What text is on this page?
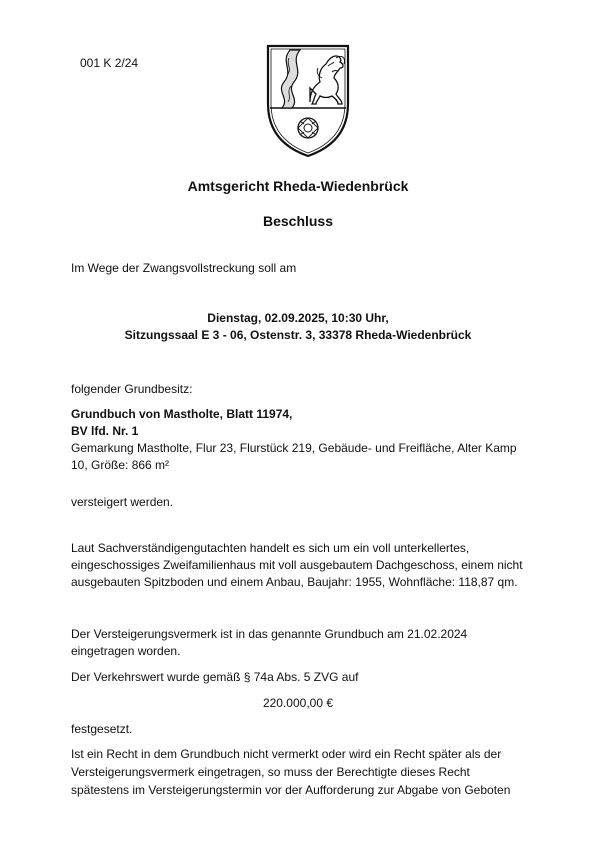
001 K 2/24
Amtsgericht Rheda-Wiedenbrück
Beschluss
Im Wege der Zwangsvollstreckung soll am
Dienstag, 02.09.2025, 10:30 Uhr,
Sitzungssaal E 3 - 06, Ostenstr. 3, 33378 Rheda-Wiedenbrück
folgender Grundbesitz:
Grundbuch von Mastholte, Blatt 11974,
BV lfd. Nr. 1
Gemarkung Mastholte, Flur 23, Flurstück 219, Gebäude- und Freifläche, Alter Kamp
10, Größe: 866 m²
versteigert werden.
Laut Sachverständigengutachten handelt es sich um ein voll unterkellertes,
eingeschossiges Zweifamilienhaus mit voll ausgebautem Dachgeschoss, einem nicht
ausgebauten Spitzboden und einem Anbau, Baujahr: 1955, Wohnfläche: 118,87 qm.
Der Versteigerungsvermerk ist in das genannte Grundbuch am 21.02.2024
eingetragen worden.
Der Verkehrswert wurde gemäß § 74a Abs. 5 ZVG auf
220.000,00 €
festgesetzt.
Ist ein Recht in dem Grundbuch nicht vermerkt oder wird ein Recht später als der
Versteigerungsvermerk eingetragen, so muss der Berechtigte dieses Recht
spätestens im Versteigerungstermin vor der Aufforderung zur Abgabe von Geboten
